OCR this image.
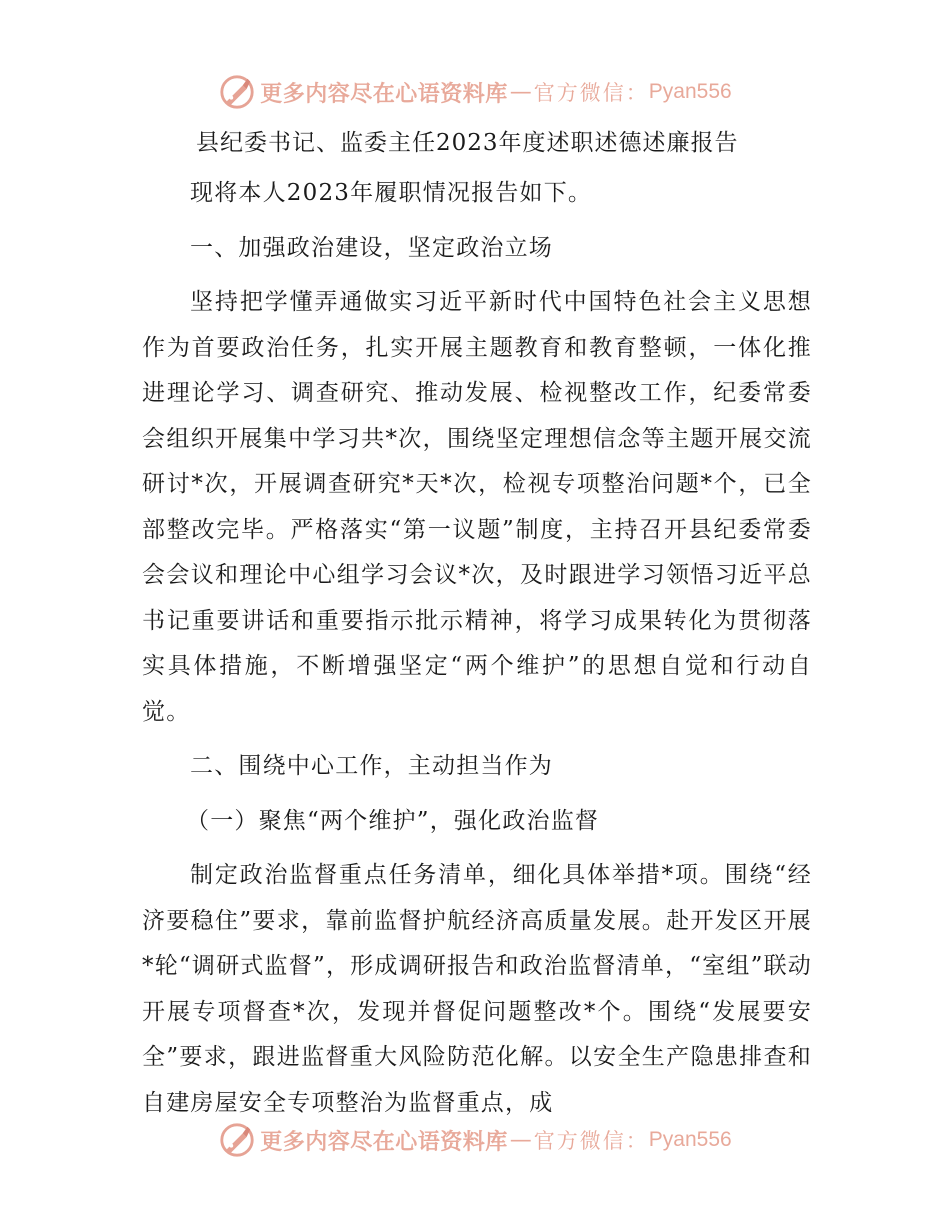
更多内容尽在心语资料库 — 官方微信： Pyan556
县纪委书记、监委主任2023年度述职述德述廉报告

现将本人2023年履职情况报告如下。

一、加强政治建设，坚定政治立场

坚持把学懂弄通做实习近平新时代中国特色社会主义思想作为首要政治任务，扎实开展主题教育和教育整顿，一体化推进理论学习、调查研究、推动发展、检视整改工作，纪委常委会组织开展集中学习共*次，围绕坚定理想信念等主题开展交流研讨*次，开展调查研究*天*次，检视专项整治问题*个，已全部整改完毕。严格落实“第一议题”制度，主持召开县纪委常委会会议和理论中心组学习会议*次，及时跟进学习领悟习近平总书记重要讲话和重要指示批示精神，将学习成果转化为贯彻落实具体措施，不断增强坚定“两个维护”的思想自觉和行动自觉。

二、围绕中心工作，主动担当作为

（一）聚焦“两个维护”，强化政治监督

制定政治监督重点任务清单，细化具体举措*项。围绕“经济要稳住”要求，靠前监督护航经济高质量发展。赴开发区开展*轮“调研式监督”，形成调研报告和政治监督清单，“室组”联动开展专项督查*次，发现并督促问题整改*个。围绕“发展要安全”要求，跟进监督重大风险防范化解。以安全生产隐患排查和自建房屋安全专项整治为监督重点，成

更多内容尽在心语资料库 — 官方微信： Pyan556
